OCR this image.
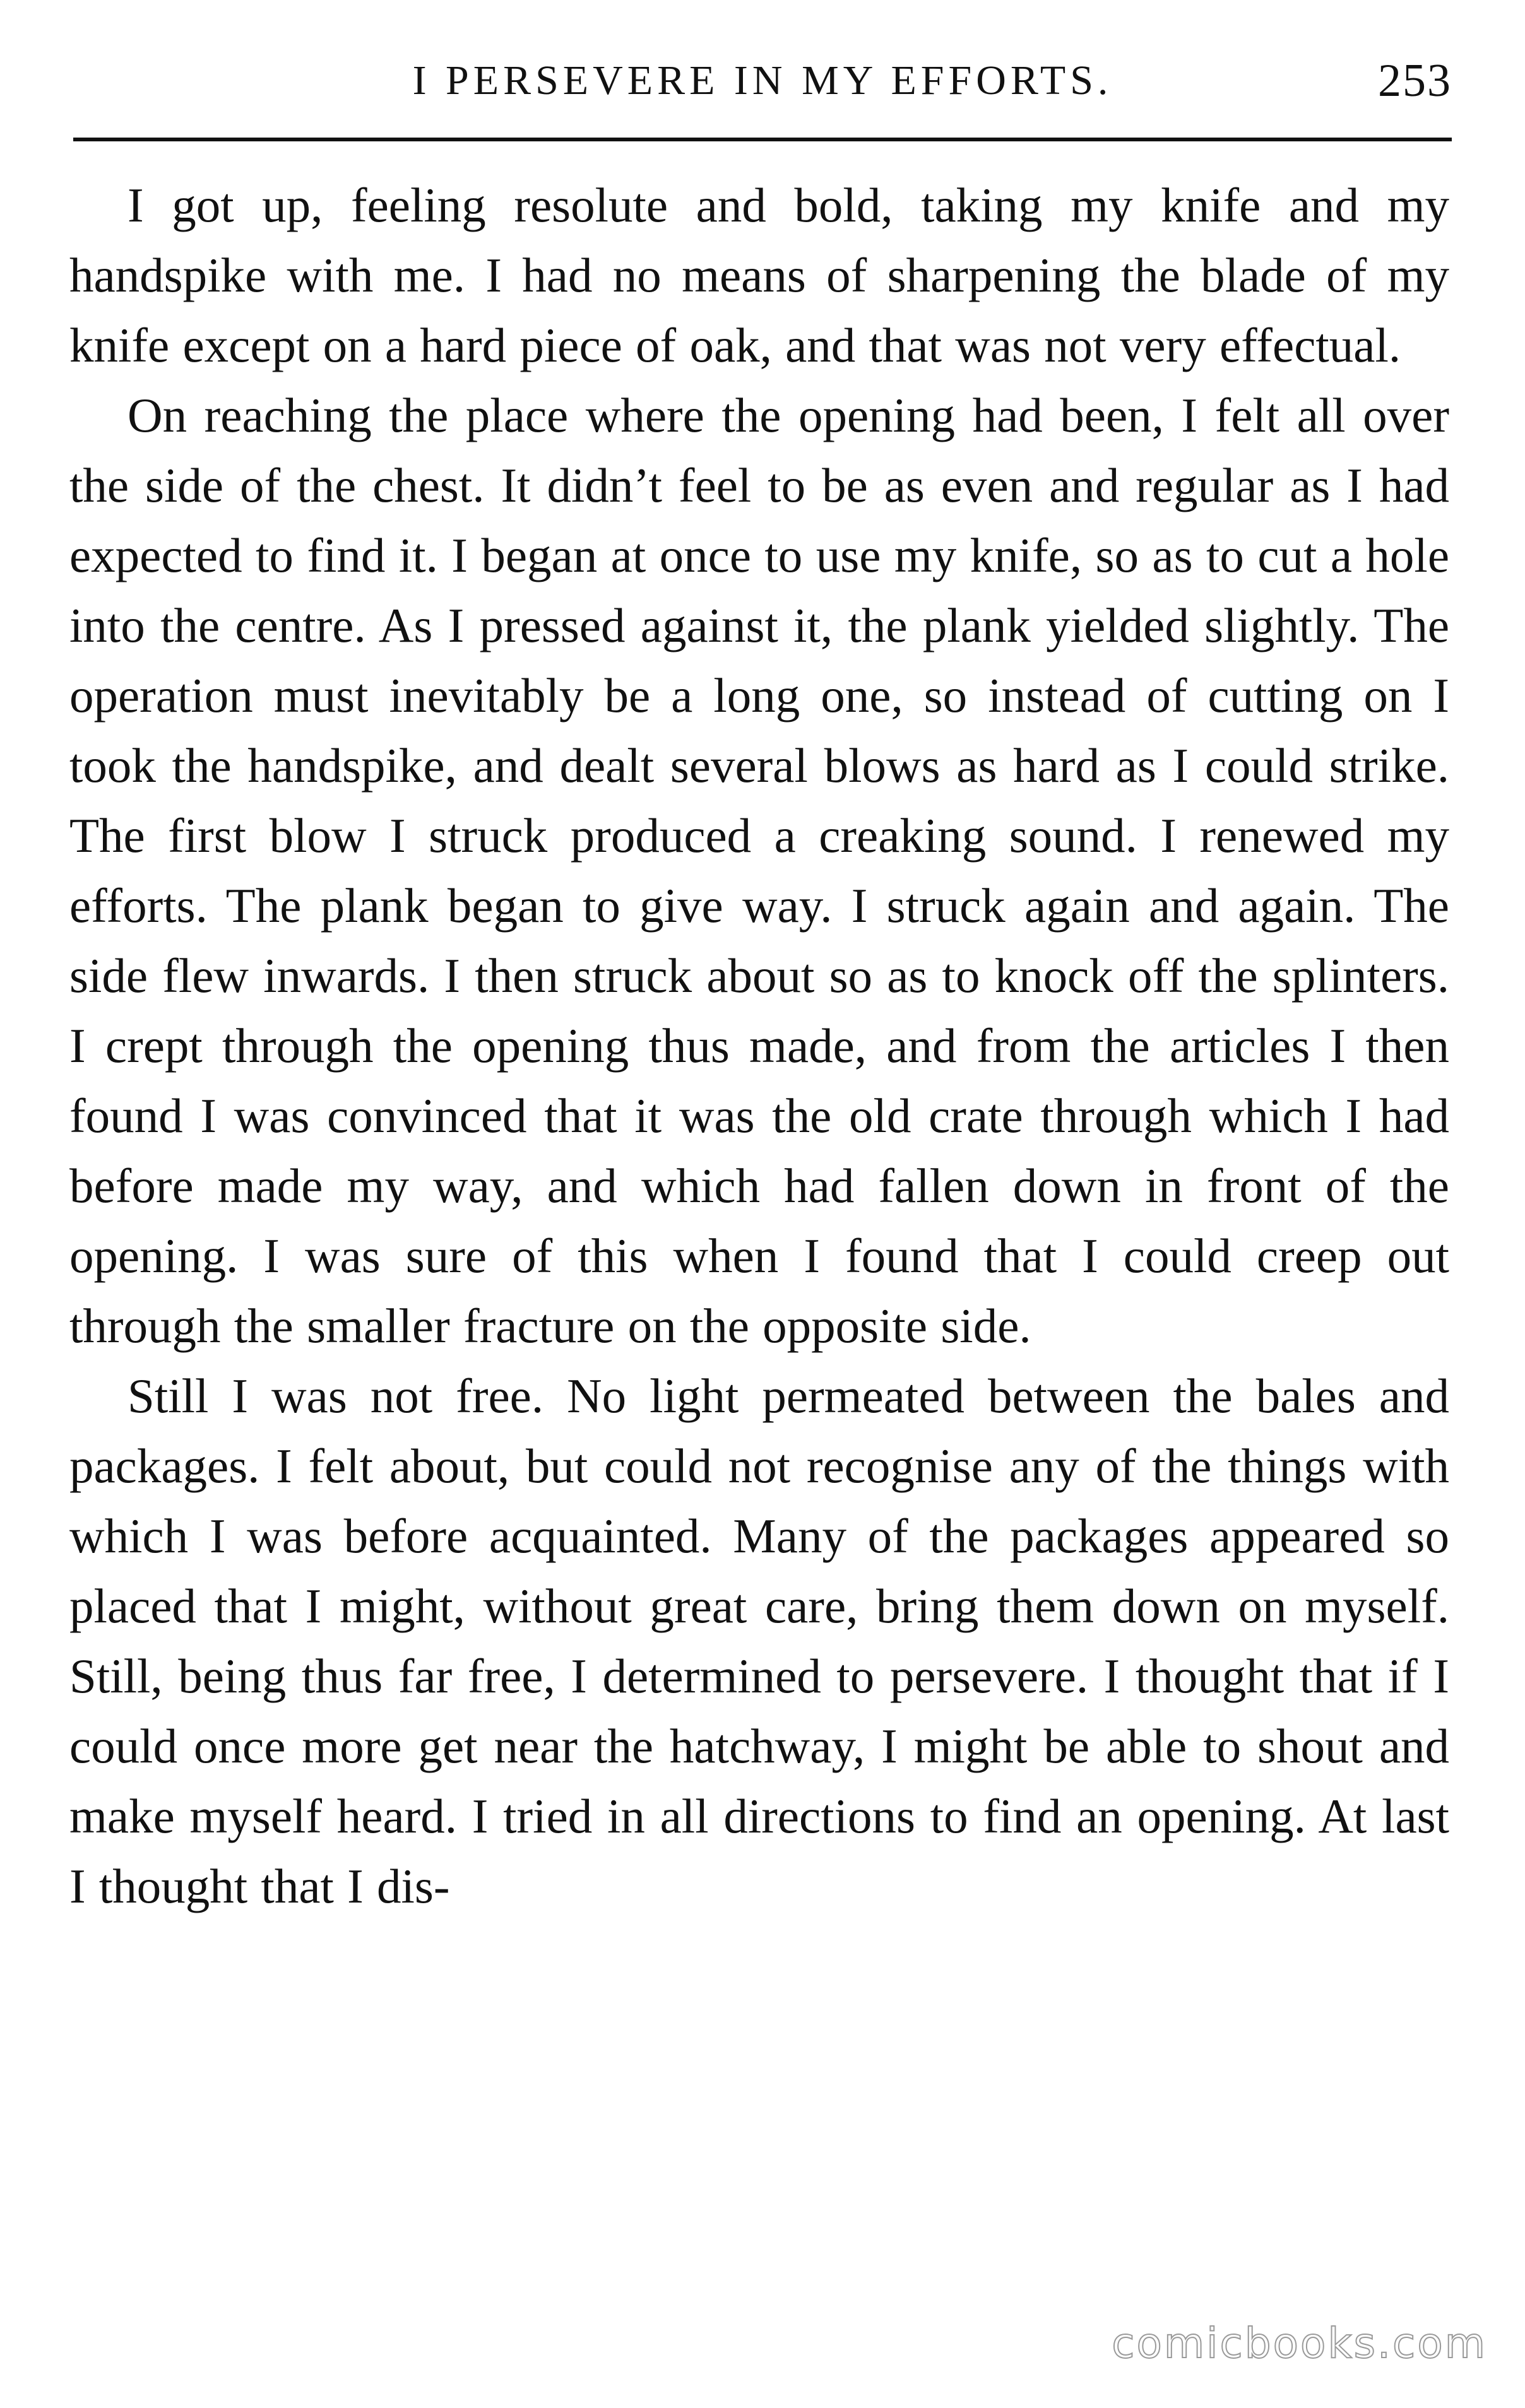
I PERSEVERE IN MY EFFORTS.	253

I got up, feeling resolute and bold, taking my knife and my handspike with me. I had no means of sharpening the blade of my knife except on a hard piece of oak, and that was not very effectual.

On reaching the place where the opening had been, I felt all over the side of the chest. It didn’t feel to be as even and regular as I had expected to find it. I began at once to use my knife, so as to cut a hole into the centre. As I pressed against it, the plank yielded slightly. The operation must inevitably be a long one, so instead of cutting on I took the handspike, and dealt several blows as hard as I could strike. The first blow I struck produced a creaking sound. I renewed my efforts. The plank began to give way. I struck again and again. The side flew inwards. I then struck about so as to knock off the splinters. I crept through the opening thus made, and from the articles I then found I was convinced that it was the old crate through which I had before made my way, and which had fallen down in front of the opening. I was sure of this when I found that I could creep out through the smaller fracture on the opposite side.

Still I was not free. No light permeated between the bales and packages. I felt about, but could not recognise any of the things with which I was before acquainted. Many of the packages appeared so placed that I might, without great care, bring them down on myself. Still, being thus far free, I determined to persevere. I thought that if I could once more get near the hatchway, I might be able to shout and make myself heard. I tried in all directions to find an opening. At last I thought that I dis-

comicbooks.com
